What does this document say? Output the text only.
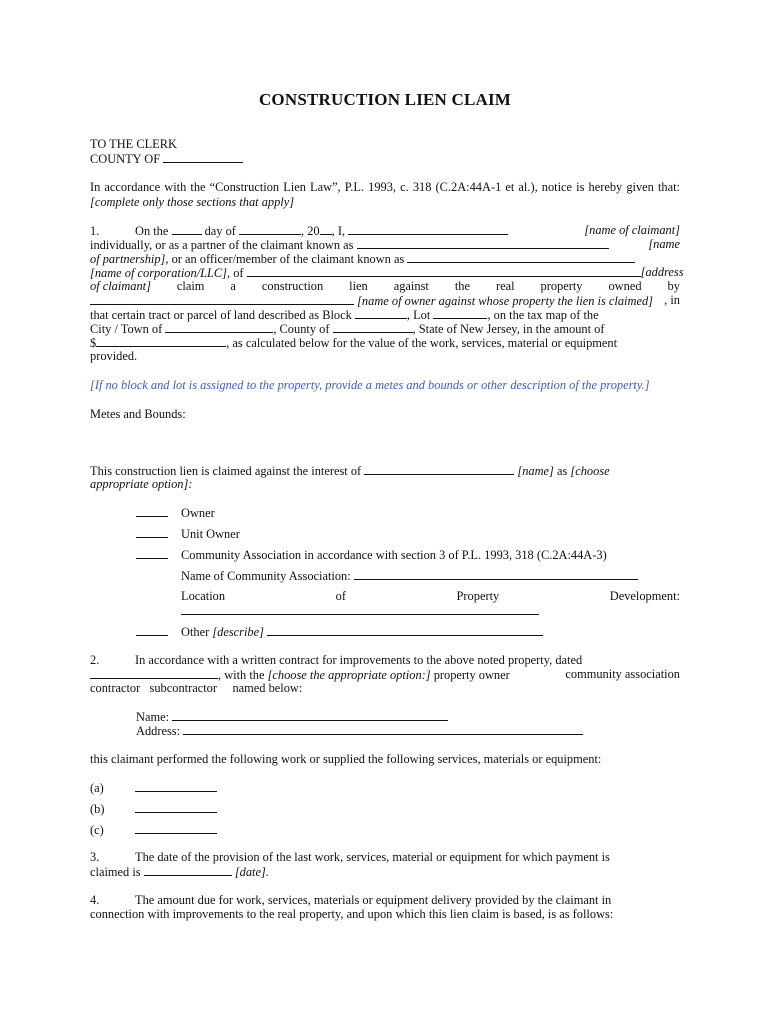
CONSTRUCTION LIEN CLAIM
TO THE CLERK
COUNTY OF
In accordance with the “Construction Lien Law”, P.L. 1993, c. 318 (C.2A:44A-1 et al.), notice is hereby given that: [complete only those sections that apply]
1.	On the	day of	, 20 , I,	[name of claimant]
individually, or as a partner of the claimant known as	[name
of partnership], or an officer/member of the claimant known as
[name of corporation/LLC], of	[address
of claimant] claim a construction lien against the real property owned by
[name of owner against whose property the lien is claimed] , in
that certain tract or parcel of land described as Block	, Lot	, on the tax map of the
City / Town of	, County of	, State of New Jersey, in the amount of
$	, as calculated below for the value of the work, services, material or equipment
provided.
[If no block and lot is assigned to the property, provide a metes and bounds or other description of the property.]
Metes and Bounds:
This construction lien is claimed against the interest of	[name] as [choose
appropriate option]:
Owner
Unit Owner
Community Association in accordance with section 3 of P.L. 1993, 318 (C.2A:44A-3)
Name of Community Association:
Location	of	Property	Development:
Other [describe]
2.	In accordance with a written contract for improvements to the above noted property, dated
, with the [choose the appropriate option:] property owner	community association
contractor subcontractor named below:
Name:
Address:
this claimant performed the following work or supplied the following services, materials or equipment:
(a)
(b)
(c)
3.	The date of the provision of the last work, services, material or equipment for which payment is
claimed is	[date].
4.	The amount due for work, services, materials or equipment delivery provided by the claimant in
connection with improvements to the real property, and upon which this lien claim is based, is as follows:
